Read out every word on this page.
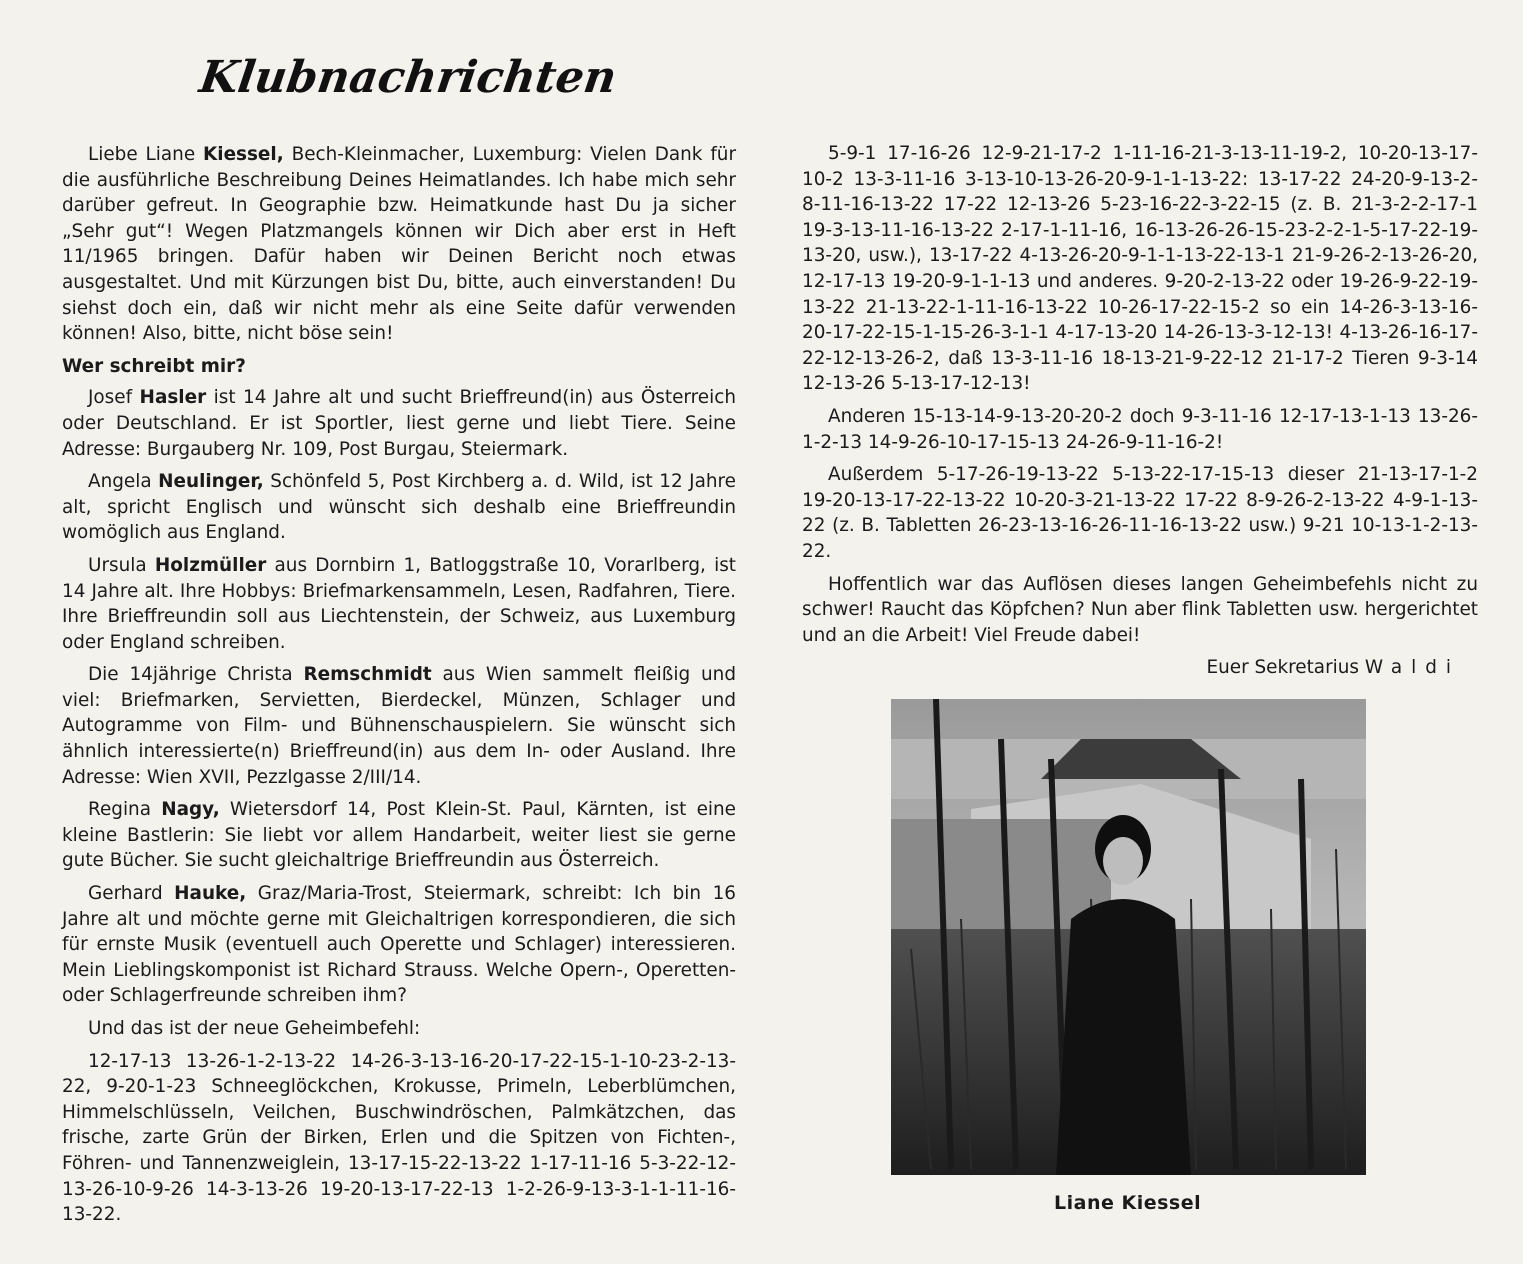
Klubnachrichten

Liebe Liane Kiessel, Bech-Kleinmacher, Luxemburg: Vielen Dank für die ausführliche Beschreibung Deines Heimatlandes. Ich habe mich sehr darüber gefreut. In Geographie bzw. Heimatkunde hast Du ja sicher „Sehr gut“! Wegen Platzmangels können wir Dich aber erst in Heft 11/1965 bringen. Dafür haben wir Deinen Bericht noch etwas ausgestaltet. Und mit Kürzungen bist Du, bitte, auch einverstanden! Du siehst doch ein, daß wir nicht mehr als eine Seite dafür verwenden können! Also, bitte, nicht böse sein!

Wer schreibt mir?

Josef Hasler ist 14 Jahre alt und sucht Brieffreund(in) aus Österreich oder Deutschland. Er ist Sportler, liest gerne und liebt Tiere. Seine Adresse: Burgauberg Nr. 109, Post Burgau, Steiermark.

Angela Neulinger, Schönfeld 5, Post Kirchberg a. d. Wild, ist 12 Jahre alt, spricht Englisch und wünscht sich deshalb eine Brieffreundin womöglich aus England.

Ursula Holzmüller aus Dornbirn 1, Batloggstraße 10, Vorarlberg, ist 14 Jahre alt. Ihre Hobbys: Briefmarkensammeln, Lesen, Radfahren, Tiere. Ihre Brieffreundin soll aus Liechtenstein, der Schweiz, aus Luxemburg oder England schreiben.

Die 14jährige Christa Remschmidt aus Wien sammelt fleißig und viel: Briefmarken, Servietten, Bierdeckel, Münzen, Schlager und Autogramme von Film- und Bühnenschauspielern. Sie wünscht sich ähnlich interessierte(n) Brieffreund(in) aus dem In- oder Ausland. Ihre Adresse: Wien XVII, Pezzlgasse 2/III/14.

Regina Nagy, Wietersdorf 14, Post Klein-St. Paul, Kärnten, ist eine kleine Bastlerin: Sie liebt vor allem Handarbeit, weiter liest sie gerne gute Bücher. Sie sucht gleichaltrige Brieffreundin aus Österreich.

Gerhard Hauke, Graz/Maria-Trost, Steiermark, schreibt: Ich bin 16 Jahre alt und möchte gerne mit Gleichaltrigen korrespondieren, die sich für ernste Musik (eventuell auch Operette und Schlager) interessieren. Mein Lieblingskomponist ist Richard Strauss. Welche Opern-, Operetten- oder Schlagerfreunde schreiben ihm?

Und das ist der neue Geheimbefehl:

12-17-13 13-26-1-2-13-22 14-26-3-13-16-20-17-22-15-1-10-23-2-13-22, 9-20-1-23 Schneeglöckchen, Krokusse, Primeln, Leberblümchen, Himmelschlüsseln, Veilchen, Buschwindröschen, Palmkätzchen, das frische, zarte Grün der Birken, Erlen und die Spitzen von Fichten-, Föhren- und Tannenzweiglein, 13-17-15-22-13-22 1-17-11-16 5-3-22-12-13-26-10-9-26 14-3-13-26 19-20-13-17-22-13 1-2-26-9-13-3-1-1-11-16-13-22.

5-9-1 17-16-26 12-9-21-17-2 1-11-16-21-3-13-11-19-2, 10-20-13-17-10-2 13-3-11-16 3-13-10-13-26-20-9-1-1-13-22: 13-17-22 24-20-9-13-2-8-11-16-13-22 17-22 12-13-26 5-23-16-22-3-22-15 (z. B. 21-3-2-2-17-1 19-3-13-11-16-13-22 2-17-1-11-16, 16-13-26-26-15-23-2-2-1-5-17-22-19-13-20, usw.), 13-17-22 4-13-26-20-9-1-1-13-22-13-1 21-9-26-2-13-26-20, 12-17-13 19-20-9-1-1-13 und anderes. 9-20-2-13-22 oder 19-26-9-22-19-13-22 21-13-22-1-11-16-13-22 10-26-17-22-15-2 so ein 14-26-3-13-16-20-17-22-15-1-15-26-3-1-1 4-17-13-20 14-26-13-3-12-13! 4-13-26-16-17-22-12-13-26-2, daß 13-3-11-16 18-13-21-9-22-12 21-17-2 Tieren 9-3-14 12-13-26 5-13-17-12-13!

Anderen 15-13-14-9-13-20-20-2 doch 9-3-11-16 12-17-13-1-13 13-26-1-2-13 14-9-26-10-17-15-13 24-26-9-11-16-2!

Außerdem 5-17-26-19-13-22 5-13-22-17-15-13 dieser 21-13-17-1-2 19-20-13-17-22-13-22 10-20-3-21-13-22 17-22 8-9-26-2-13-22 4-9-1-13-22 (z. B. Tabletten 26-23-13-16-26-11-16-13-22 usw.) 9-21 10-13-1-2-13-22.

Hoffentlich war das Auflösen dieses langen Geheimbefehls nicht zu schwer! Raucht das Köpfchen? Nun aber flink Tabletten usw. hergerichtet und an die Arbeit! Viel Freude dabei!

Euer Sekretarius Waldi
Liane Kiessel
